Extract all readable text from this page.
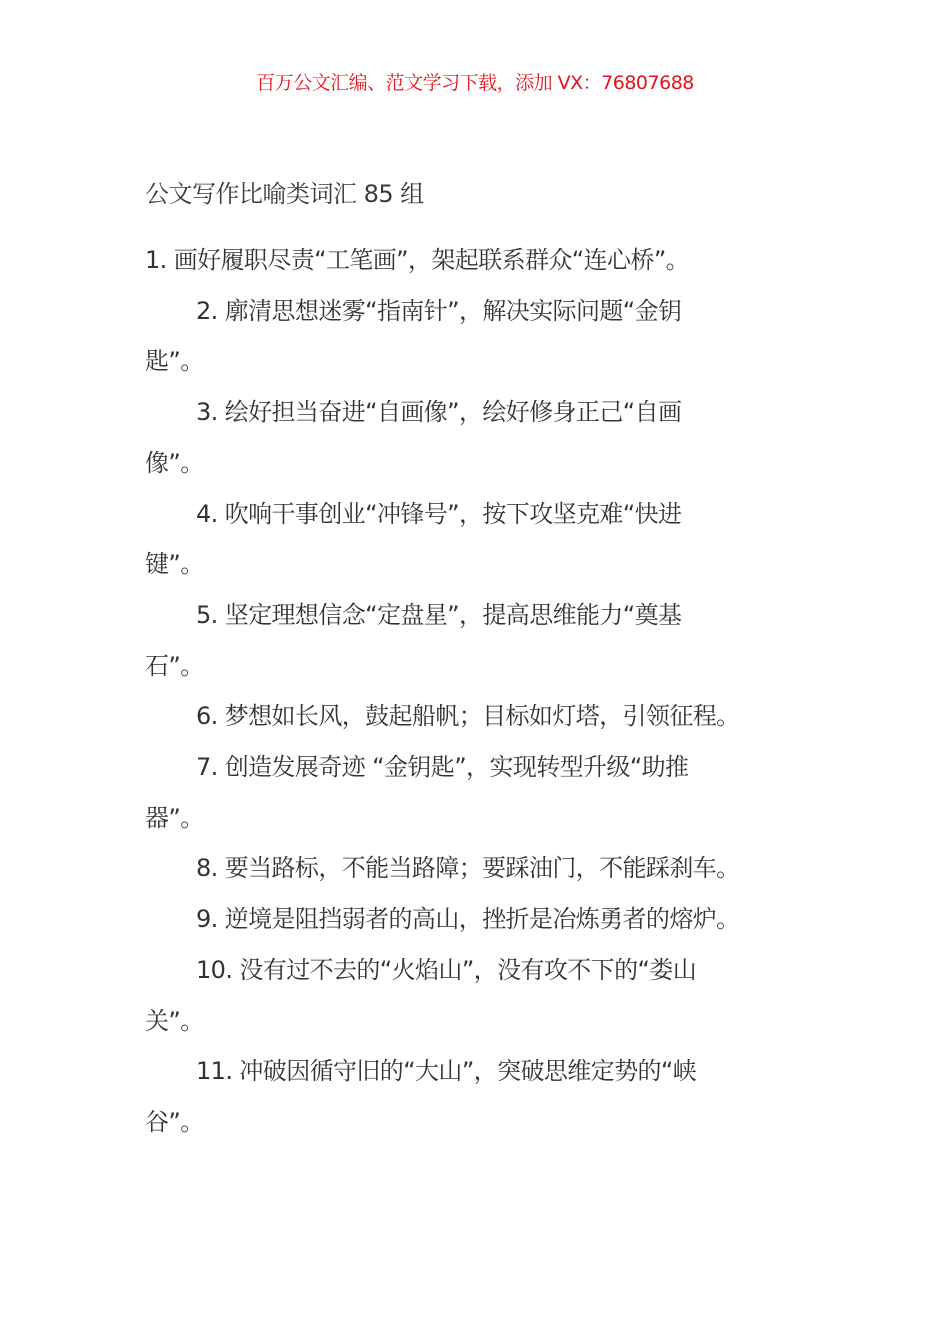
百万公文汇编、范文学习下载，添加 VX：76807688
公文写作比喻类词汇 85 组
1. 画好履职尽责“工笔画”，架起联系群众“连心桥”。
2. 廓清思想迷雾“指南针”，解决实际问题“金钥
匙”。
3. 绘好担当奋进“自画像”，绘好修身正己“自画
像”。
4. 吹响干事创业“冲锋号”，按下攻坚克难“快进
键”。
5. 坚定理想信念“定盘星”，提高思维能力“奠基
石”。
6. 梦想如长风，鼓起船帆；目标如灯塔，引领征程。
7. 创造发展奇迹 “金钥匙”，实现转型升级“助推
器”。
8. 要当路标，不能当路障；要踩油门，不能踩刹车。
9. 逆境是阻挡弱者的高山，挫折是冶炼勇者的熔炉。
10. 没有过不去的“火焰山”，没有攻不下的“娄山
关”。
11. 冲破因循守旧的“大山”，突破思维定势的“峡
谷”。
